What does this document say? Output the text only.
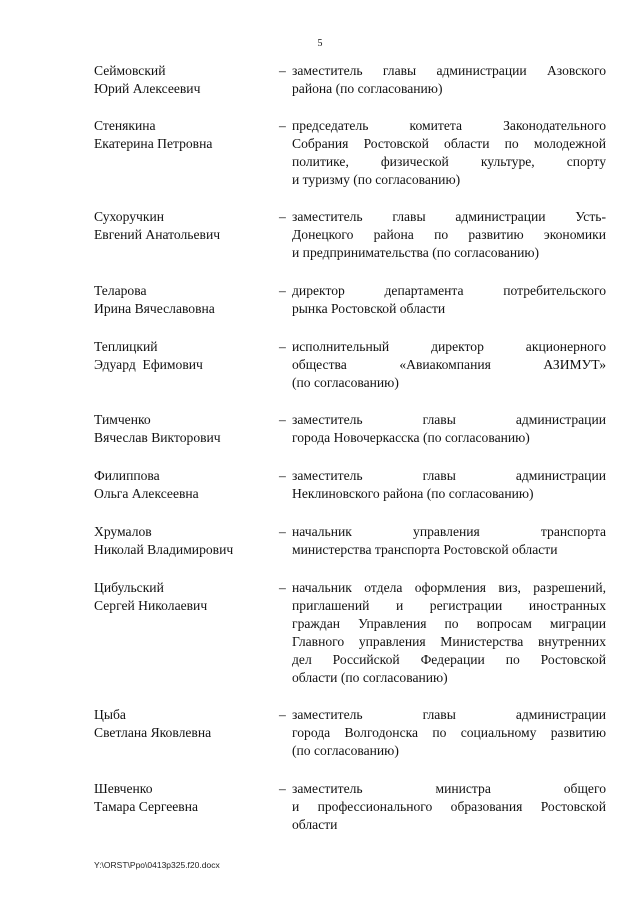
5
Сеймовский
Юрий Алексеевич
– заместитель главы администрации Азовского
района (по согласованию)
Стенякина
Екатерина Петровна
– председатель комитета Законодательного
Собрания Ростовской области по молодежной
политике, физической культуре, спорту
и туризму (по согласованию)
Сухоручкин
Евгений Анатольевич
– заместитель главы администрации Усть-
Донецкого района по развитию экономики
и предпринимательства (по согласованию)
Теларова
Ирина Вячеславовна
– директор департамента потребительского
рынка Ростовской области
Теплицкий
Эдуард  Ефимович
– исполнительный директор акционерного
общества «Авиакомпания АЗИМУТ»
(по согласованию)
Тимченко
Вячеслав Викторович
– заместитель главы администрации
города Новочеркасска (по согласованию)
Филиппова
Ольга Алексеевна
– заместитель главы администрации
Неклиновского района (по согласованию)
Хрумалов
Николай Владимирович
– начальник управления транспорта
министерства транспорта Ростовской области
Цибульский
Сергей Николаевич
– начальник отдела оформления виз, разрешений,
приглашений и регистрации иностранных
граждан Управления по вопросам миграции
Главного управления Министерства внутренних
дел Российской Федерации по Ростовской
области (по согласованию)
Цыба
Светлана Яковлевна
– заместитель главы администрации
города Волгодонска по социальному развитию
(по согласованию)
Шевченко
Тамара Сергеевна
– заместитель министра общего
и профессионального образования Ростовской
области
Y:\ORST\Ppo\0413p325.f20.docx
